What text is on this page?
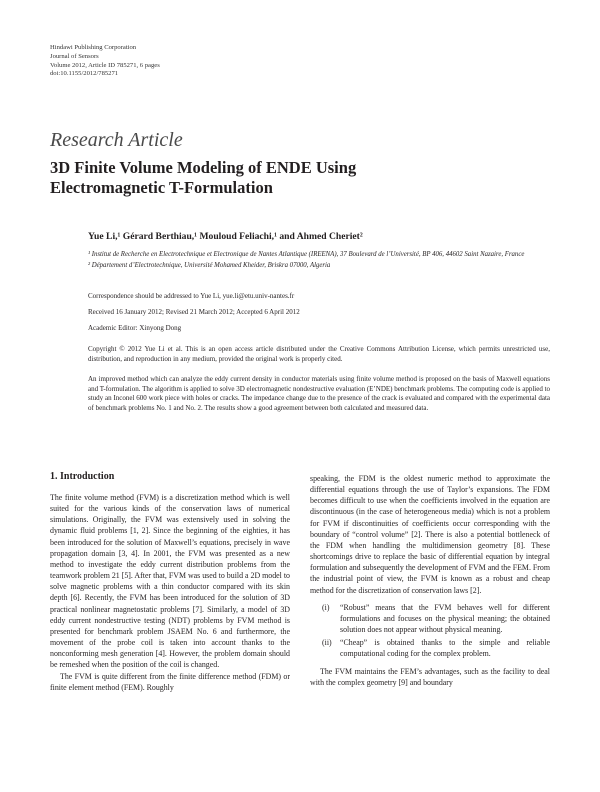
Hindawi Publishing Corporation
Journal of Sensors
Volume 2012, Article ID 785271, 6 pages
doi:10.1155/2012/785271
Research Article
3D Finite Volume Modeling of ENDE Using
Electromagnetic T-Formulation
Yue Li,¹ Gérard Berthiau,¹ Mouloud Feliachi,¹ and Ahmed Cheriet²

¹ Institut de Recherche en Electrotechnique et Electronique de Nantes Atlantique (IREENA), 37 Boulevard de l’Université, BP 406, 44602 Saint Nazaire, France

² Département d’Electrotechnique, Université Mohamed Kheider, Briskra 07000, Algeria

Correspondence should be addressed to Yue Li, yue.li@etu.univ-nantes.fr
Received 16 January 2012; Revised 21 March 2012; Accepted 6 April 2012
Academic Editor: Xinyong Dong
Copyright © 2012 Yue Li et al. This is an open access article distributed under the Creative Commons Attribution License, which permits unrestricted use, distribution, and reproduction in any medium, provided the original work is properly cited.
An improved method which can analyze the eddy current density in conductor materials using finite volume method is proposed on the basis of Maxwell equations and T-formulation. The algorithm is applied to solve 3D electromagnetic nondestructive evaluation (E’NDE) benchmark problems. The computing code is applied to study an Inconel 600 work piece with holes or cracks. The impedance change due to the presence of the crack is evaluated and compared with the experimental data of benchmark problems No. 1 and No. 2. The results show a good agreement between both calculated and measured data.
1. Introduction

The finite volume method (FVM) is a discretization method which is well suited for the various kinds of the conservation laws of numerical simulations. Originally, the FVM was extensively used in solving the dynamic fluid problems [1, 2]. Since the beginning of the eighties, it has been introduced for the solution of Maxwell’s equations, precisely in wave propagation domain [3, 4]. In 2001, the FVM was presented as a new method to investigate the eddy current distribution problems from the teamwork problem 21 [5]. After that, FVM was used to build a 2D model to solve magnetic problems with a thin conductor compared with its skin depth [6]. Recently, the FVM has been introduced for the solution of 3D practical nonlinear magnetostatic problems [7]. Similarly, a model of 3D eddy current nondestructive testing (NDT) problems by FVM method is presented for benchmark problem JSAEM No. 6 and furthermore, the movement of the probe coil is taken into account thanks to the nonconforming mesh generation [4]. However, the problem domain should be remeshed when the position of the coil is changed.

The FVM is quite different from the finite difference method (FDM) or finite element method (FEM). Roughly

speaking, the FDM is the oldest numeric method to approximate the differential equations through the use of Taylor’s expansions. The FDM becomes difficult to use when the coefficients involved in the equation are discontinuous (in the case of heterogeneous media) which is not a problem for FVM if discontinuities of coefficients occur corresponding with the boundary of “control volume” [2]. There is also a potential bottleneck of the FDM when handling the multidimension geometry [8]. These shortcomings drive to replace the basic of differential equation by integral formulation and subsequently the development of FVM and the FEM. From the industrial point of view, the FVM is known as a robust and cheap method for the discretization of conservation laws [2].

(i) “Robust” means that the FVM behaves well for different formulations and focuses on the physical meaning; the obtained solution does not appear without physical meaning.
(ii) “Cheap” is obtained thanks to the simple and reliable computational coding for the complex problem.

The FVM maintains the FEM’s advantages, such as the facility to deal with the complex geometry [9] and boundary
